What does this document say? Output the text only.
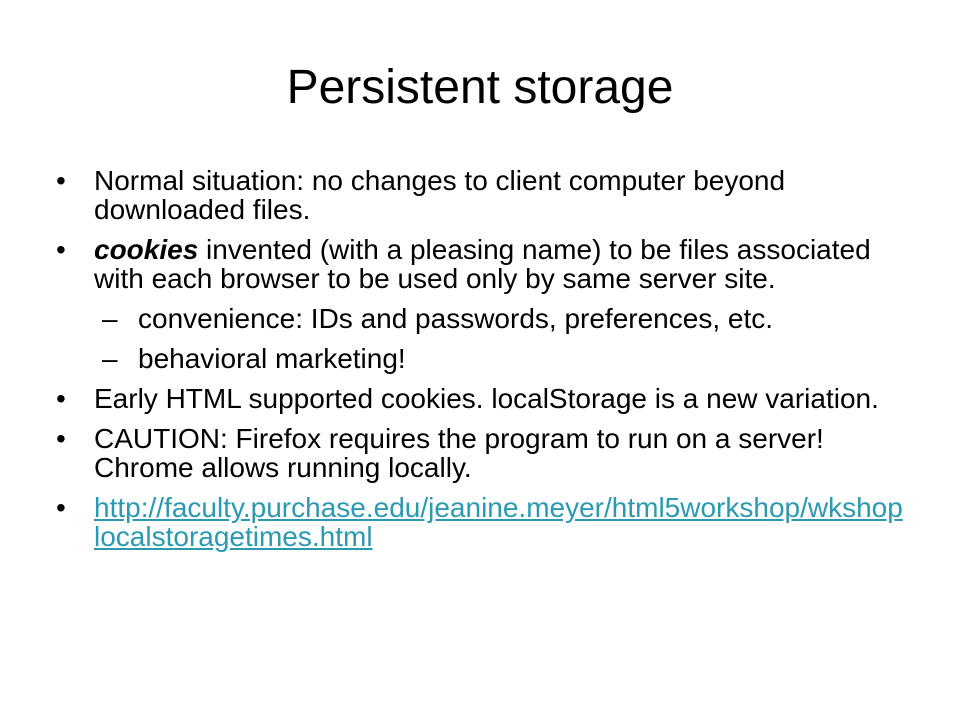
Persistent storage
•	Normal situation: no changes to client computer beyond downloaded files.
•	cookies invented (with a pleasing name) to be files associated with each browser to be used only by same server site.
– convenience: IDs and passwords, preferences, etc.
– behavioral marketing!
•	Early HTML supported cookies. localStorage is a new variation.
•	CAUTION: Firefox requires the program to run on a server! Chrome allows running locally.
•	http://faculty.purchase.edu/jeanine.meyer/html5workshop/wkshoplocalstoragetimes.html
